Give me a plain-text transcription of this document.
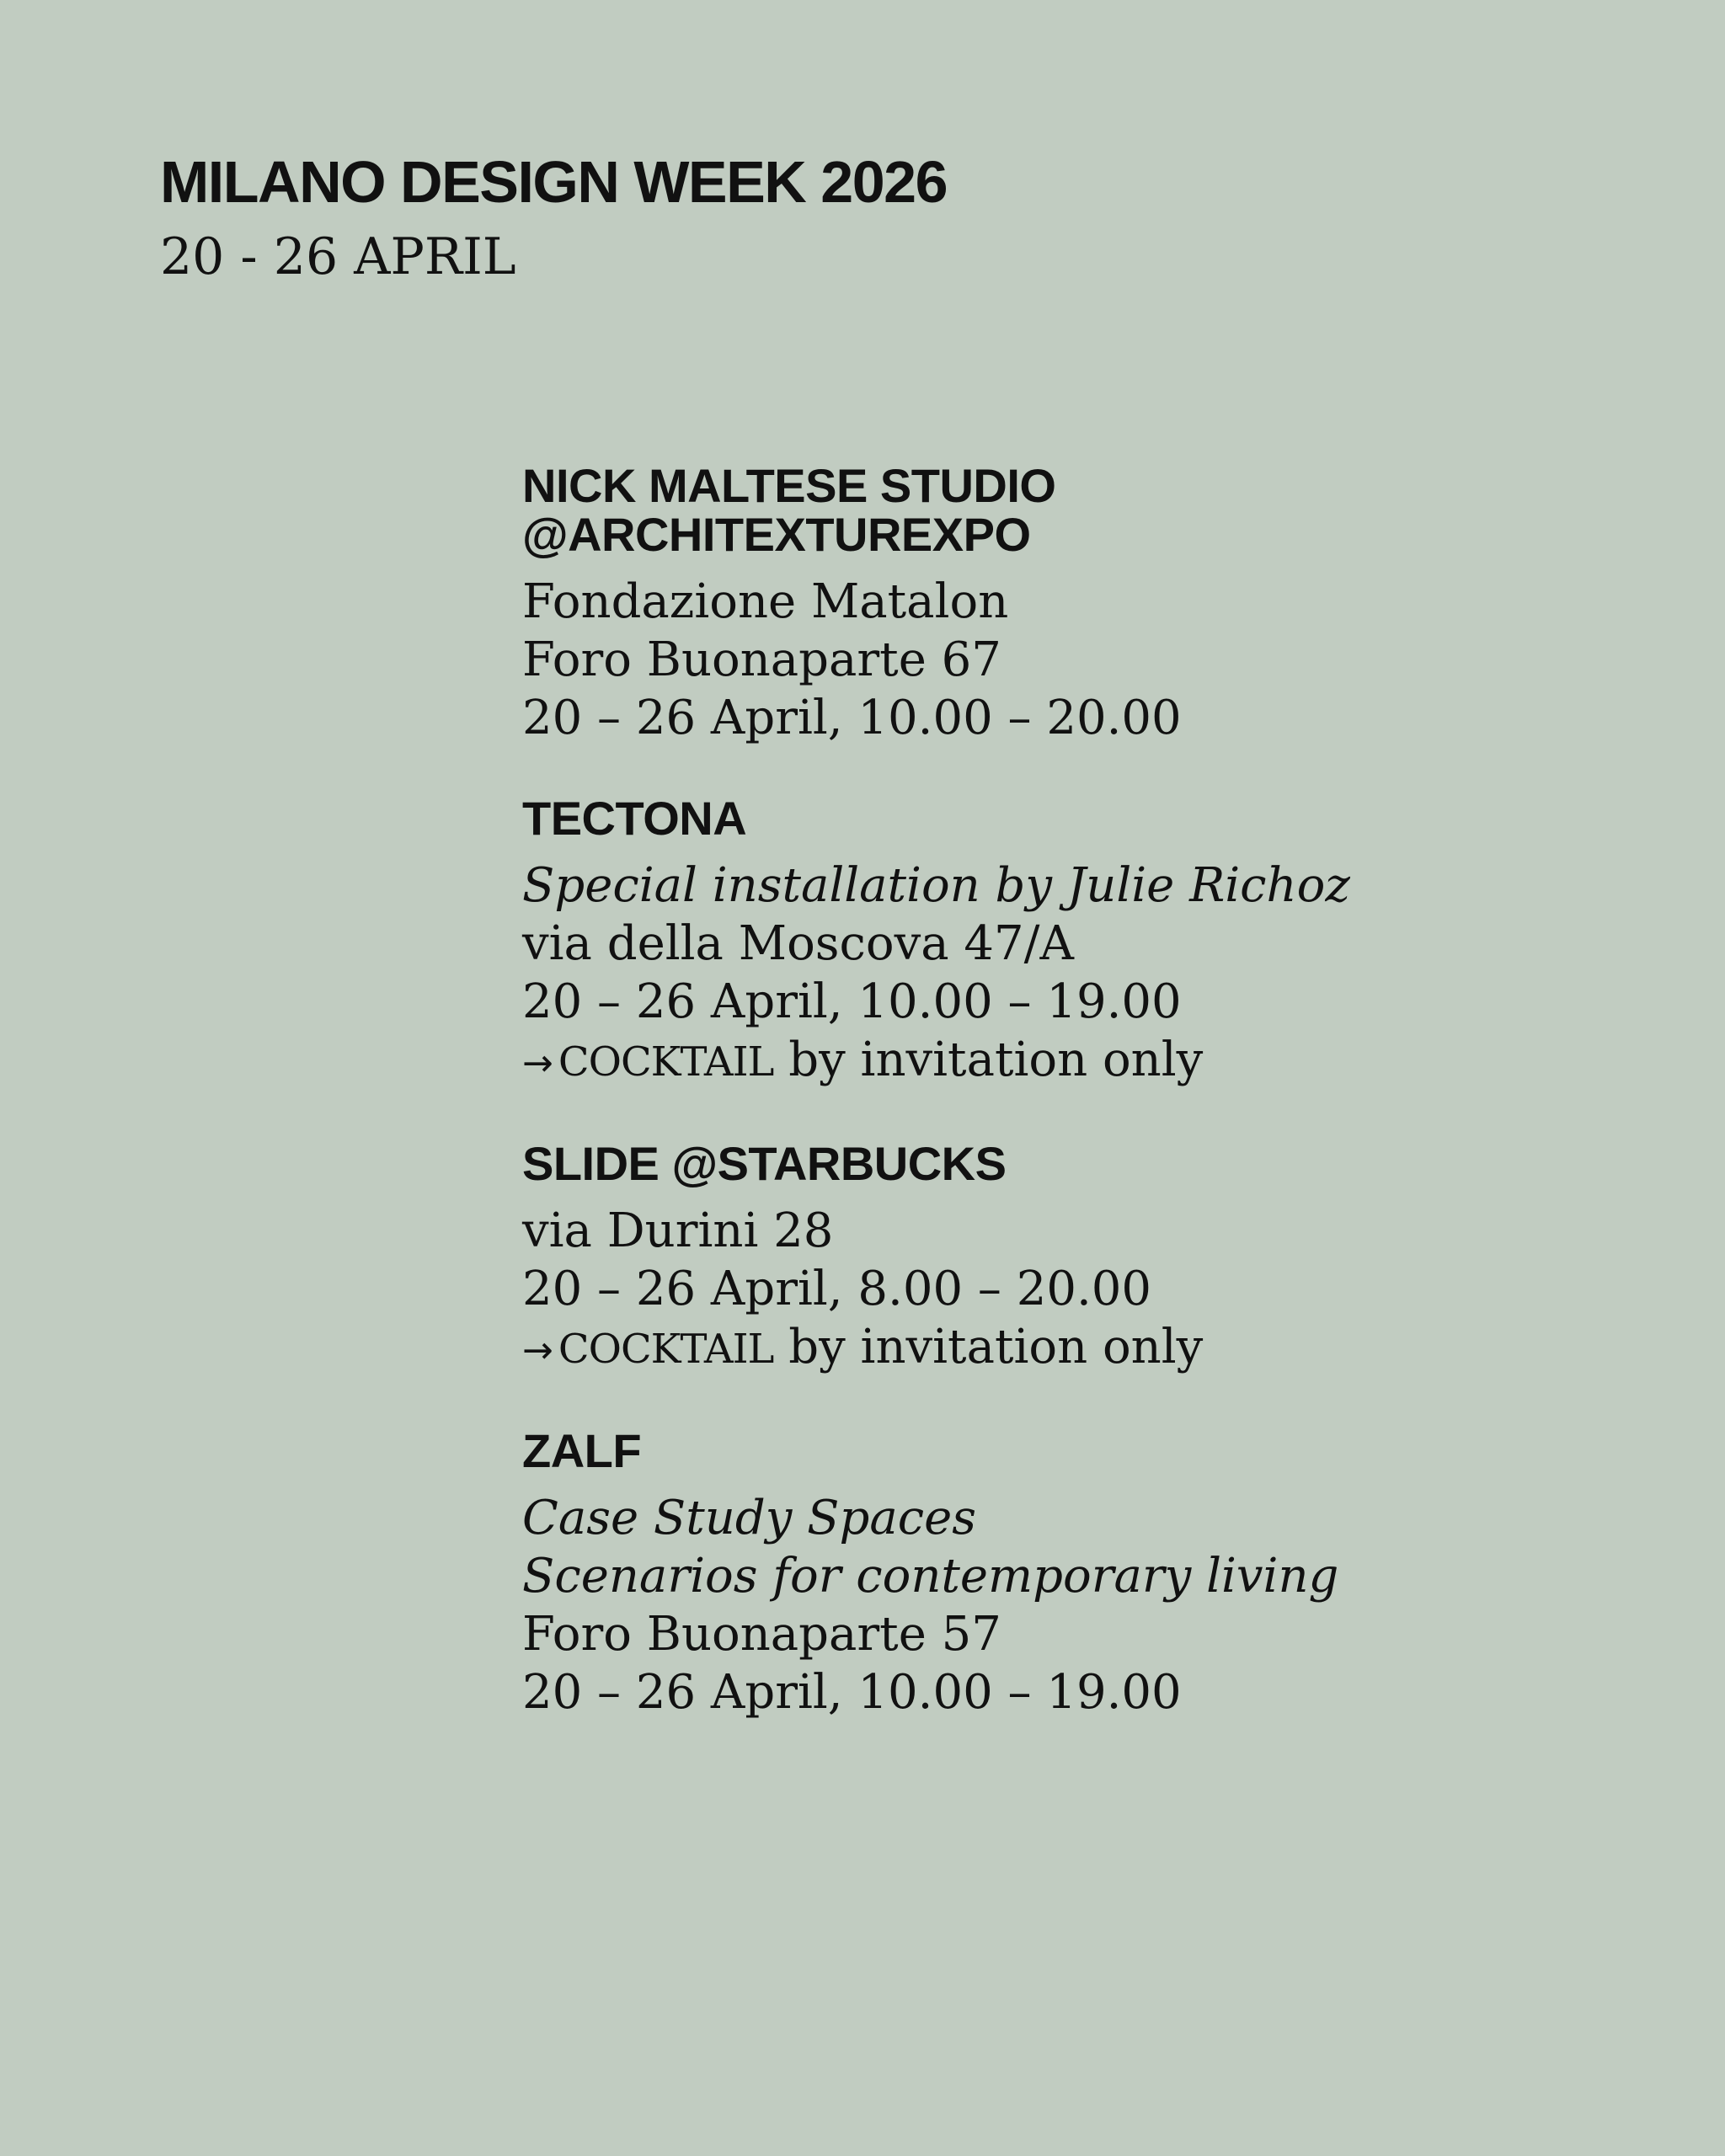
MILANO DESIGN WEEK 2026
20 - 26 APRIL
NICK MALTESE STUDIO
@ARCHITEXTUREXPO
Fondazione Matalon
Foro Buonaparte 67
20 – 26 April, 10.00 – 20.00
TECTONA
Special installation by Julie Richoz
via della Moscova 47/A
20 – 26 April, 10.00 – 19.00
→ COCKTAIL by invitation only
SLIDE @STARBUCKS
via Durini 28
20 – 26 April, 8.00 – 20.00
→ COCKTAIL by invitation only
ZALF
Case Study Spaces
Scenarios for contemporary living
Foro Buonaparte 57
20 – 26 April, 10.00 – 19.00
